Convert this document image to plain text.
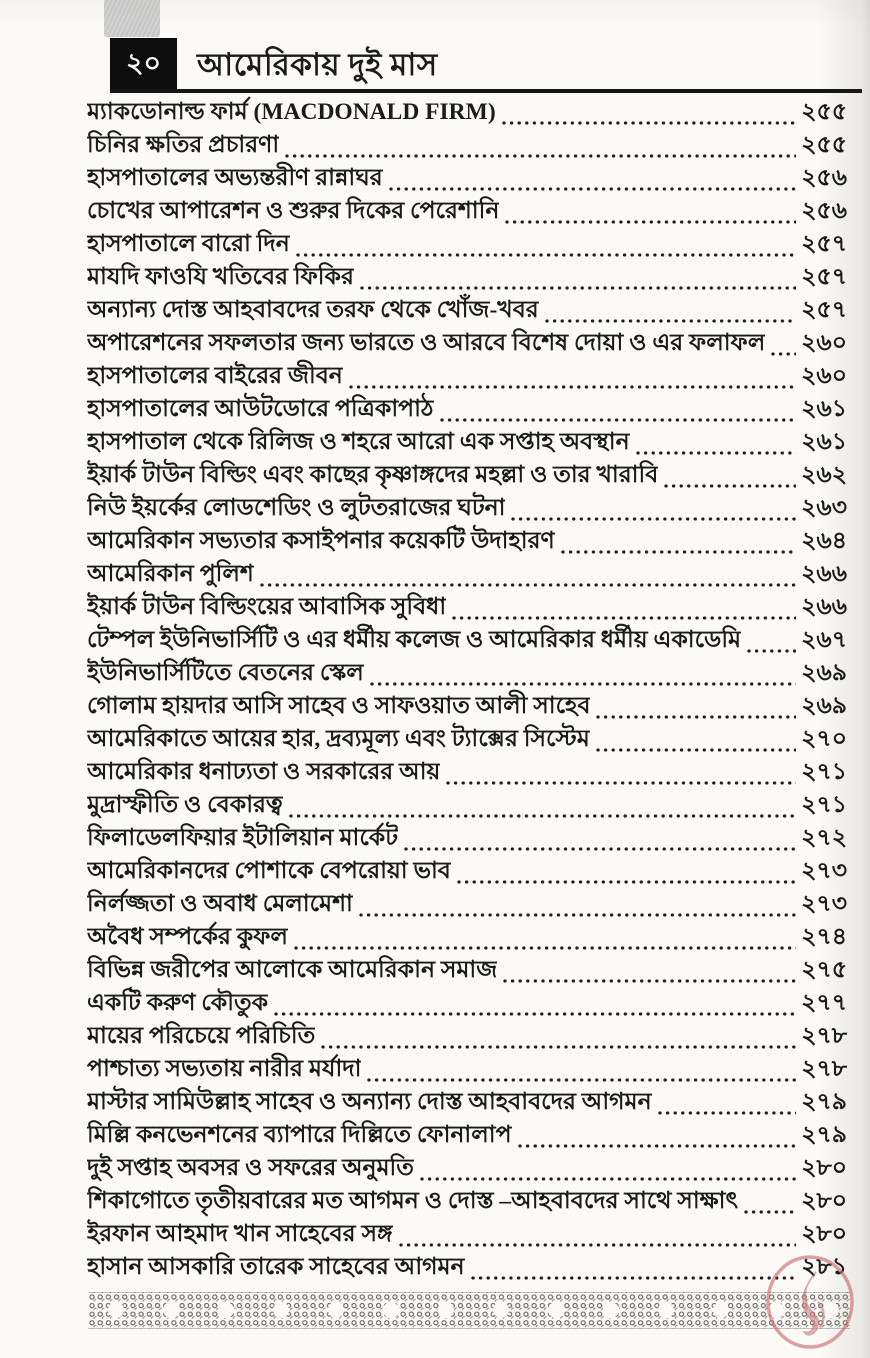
২০ আমেরিকায় দুই মাস
ম্যাকডোনাল্ড ফার্ম (MACDONALD FIRM)	২৫৫
চিনির ক্ষতির প্রচারণা	২৫৫
হাসপাতালের অভ্যন্তরীণ রান্নাঘর	২৫৬
চোখের আপারেশন ও শুরুর দিকের পেরেশানি	২৫৬
হাসপাতালে বারো দিন	২৫৭
মাযদি ফাওযি খতিবের ফিকির	২৫৭
অন্যান্য দোস্ত আহবাবদের তরফ থেকে খোঁজ-খবর	২৫৭
অপারেশনের সফলতার জন্য ভারতে ও আরবে বিশেষ দোয়া ও এর ফলাফল ২৬০
হাসপাতালের বাইরের জীবন	২৬০
হাসপাতালের আউটডোরে পত্রিকাপাঠ	২৬১
হাসপাতাল থেকে রিলিজ ও শহরে আরো এক সপ্তাহ অবস্থান	২৬১
ইয়ার্ক টাউন বিল্ডিং এবং কাছের কৃষ্ণাঙ্গদের মহল্লা ও তার খারাবি	২৬২
নিউ ইয়র্কের লোডশেডিং ও লুটতরাজের ঘটনা	২৬৩
আমেরিকান সভ্যতার কসাইপনার কয়েকটি উদাহারণ	২৬৪
আমেরিকান পুলিশ	২৬৬
ইয়ার্ক টাউন বিল্ডিংয়ের আবাসিক সুবিধা	২৬৬
টেম্পল ইউনিভার্সিটি ও এর ধর্মীয় কলেজ ও আমেরিকার ধর্মীয় একাডেমি	২৬৭
ইউনিভার্সিটিতে বেতনের স্কেল	২৬৯
গোলাম হায়দার আসি সাহেব ও সাফওয়াত আলী সাহেব	২৬৯
আমেরিকাতে আয়ের হার, দ্রব্যমূল্য এবং ট্যাক্সের সিস্টেম	২৭০
আমেরিকার ধনাঢ্যতা ও সরকারের আয়	২৭১
মুদ্রাস্ফীতি ও বেকারত্ব	২৭১
ফিলাডেলফিয়ার ইটালিয়ান মার্কেট	২৭২
আমেরিকানদের পোশাকে বেপরোয়া ভাব	২৭৩
নির্লজ্জতা ও অবাধ মেলামেশা	২৭৩
অবৈধ সম্পর্কের কুফল	২৭৪
বিভিন্ন জরীপের আলোকে আমেরিকান সমাজ	২৭৫
একটি করুণ কৌতুক	২৭৭
মায়ের পরিচেয়ে পরিচিতি	২৭৮
পাশ্চাত্য সভ্যতায় নারীর মর্যাদা	২৭৮
মাস্টার সামিউল্লাহ সাহেব ও অন্যান্য দোস্ত আহবাবদের আগমন	২৭৯
মিল্লি কনভেনশনের ব্যাপারে দিল্লিতে ফোনালাপ	২৭৯
দুই সপ্তাহ অবসর ও সফরের অনুমতি	২৮০
শিকাগোতে তৃতীয়বারের মত আগমন ও দোস্ত –আহবাবদের সাথে সাক্ষাৎ	২৮০
ইরফান আহমাদ খান সাহেবের সঙ্গ	২৮০
হাসান আসকারি তারেক সাহেবের আগমন	২৮১
